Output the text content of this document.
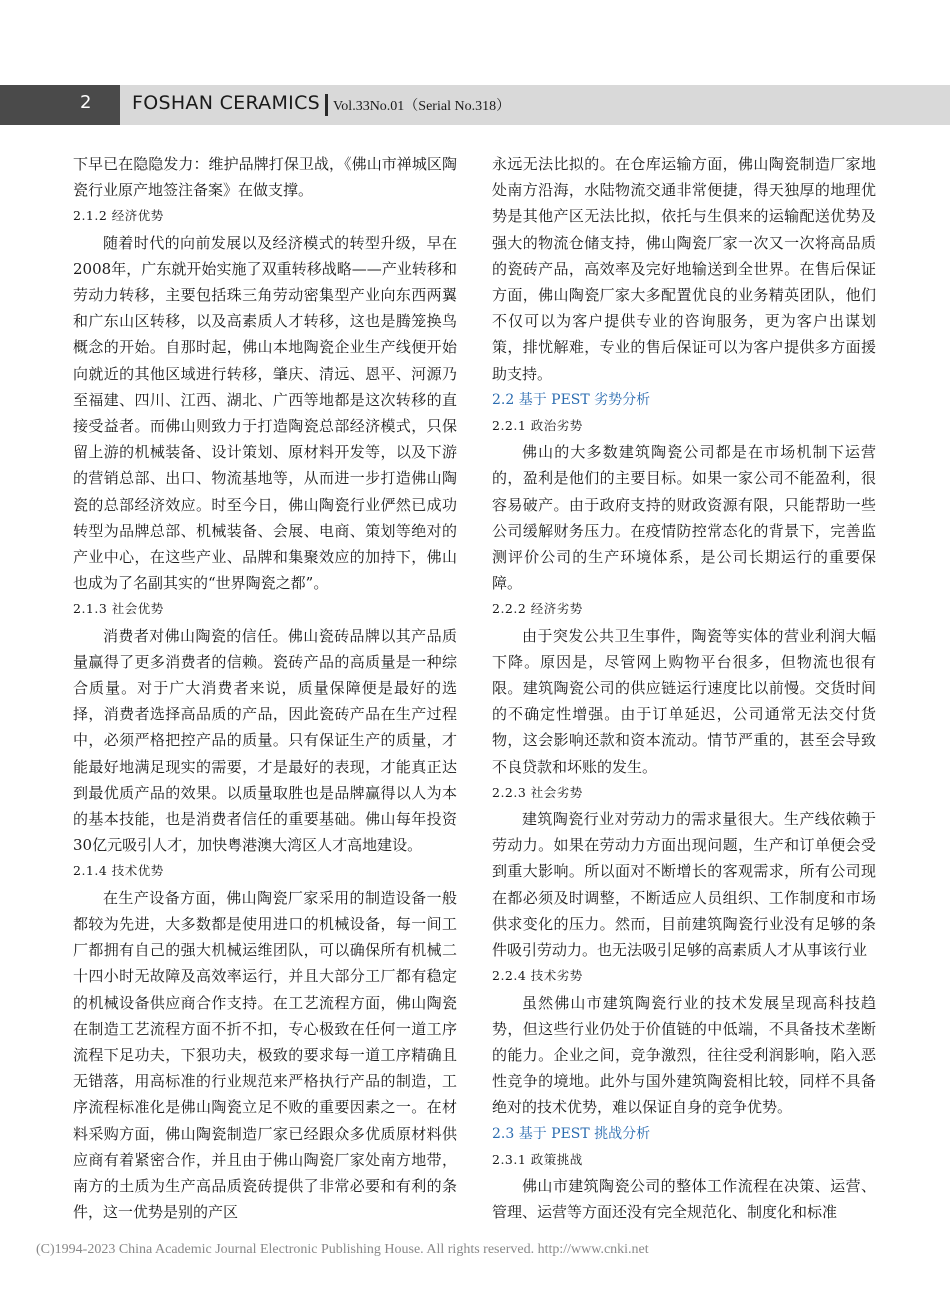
2 FOSHAN CERAMICS Vol.33No.01（Serial No.318）

下早已在隐隐发力：维护品牌打保卫战，《佛山市禅城区陶瓷行业原产地签注备案》在做支撑。

2.1.2 经济优势

随着时代的向前发展以及经济模式的转型升级，早在2008年，广东就开始实施了双重转移战略——产业转移和劳动力转移，主要包括珠三角劳动密集型产业向东西两翼和广东山区转移，以及高素质人才转移，这也是腾笼换鸟概念的开始。自那时起，佛山本地陶瓷企业生产线便开始向就近的其他区域进行转移，肇庆、清远、恩平、河源乃至福建、四川、江西、湖北、广西等地都是这次转移的直接受益者。而佛山则致力于打造陶瓷总部经济模式，只保留上游的机械装备、设计策划、原材料开发等，以及下游的营销总部、出口、物流基地等，从而进一步打造佛山陶瓷的总部经济效应。时至今日，佛山陶瓷行业俨然已成功转型为品牌总部、机械装备、会展、电商、策划等绝对的产业中心，在这些产业、品牌和集聚效应的加持下，佛山也成为了名副其实的“世界陶瓷之都”。

2.1.3 社会优势

消费者对佛山陶瓷的信任。佛山瓷砖品牌以其产品质量赢得了更多消费者的信赖。瓷砖产品的高质量是一种综合质量。对于广大消费者来说，质量保障便是最好的选择，消费者选择高品质的产品，因此瓷砖产品在生产过程中，必须严格把控产品的质量。只有保证生产的质量，才能最好地满足现实的需要，才是最好的表现，才能真正达到最优质产品的效果。以质量取胜也是品牌赢得以人为本的基本技能，也是消费者信任的重要基础。佛山每年投资30亿元吸引人才，加快粤港澳大湾区人才高地建设。

2.1.4 技术优势

在生产设备方面，佛山陶瓷厂家采用的制造设备一般都较为先进，大多数都是使用进口的机械设备，每一间工厂都拥有自己的强大机械运维团队，可以确保所有机械二十四小时无故障及高效率运行，并且大部分工厂都有稳定的机械设备供应商合作支持。在工艺流程方面，佛山陶瓷在制造工艺流程方面不折不扣，专心极致在任何一道工序流程下足功夫，下狠功夫，极致的要求每一道工序精确且无错落，用高标准的行业规范来严格执行产品的制造，工序流程标准化是佛山陶瓷立足不败的重要因素之一。在材料采购方面，佛山陶瓷制造厂家已经跟众多优质原材料供应商有着紧密合作，并且由于佛山陶瓷厂家处南方地带，南方的土质为生产高品质瓷砖提供了非常必要和有利的条件，这一优势是别的产区

永远无法比拟的。在仓库运输方面，佛山陶瓷制造厂家地处南方沿海，水陆物流交通非常便捷，得天独厚的地理优势是其他产区无法比拟，依托与生俱来的运输配送优势及强大的物流仓储支持，佛山陶瓷厂家一次又一次将高品质的瓷砖产品，高效率及完好地输送到全世界。在售后保证方面，佛山陶瓷厂家大多配置优良的业务精英团队，他们不仅可以为客户提供专业的咨询服务，更为客户出谋划策，排忧解难，专业的售后保证可以为客户提供多方面援助支持。

2.2 基于 PEST 劣势分析
2.2.1 政治劣势

佛山的大多数建筑陶瓷公司都是在市场机制下运营的，盈利是他们的主要目标。如果一家公司不能盈利，很容易破产。由于政府支持的财政资源有限，只能帮助一些公司缓解财务压力。在疫情防控常态化的背景下，完善监测评价公司的生产环境体系，是公司长期运行的重要保障。

2.2.2 经济劣势

由于突发公共卫生事件，陶瓷等实体的营业利润大幅下降。原因是，尽管网上购物平台很多，但物流也很有限。建筑陶瓷公司的供应链运行速度比以前慢。交货时间的不确定性增强。由于订单延迟，公司通常无法交付货物，这会影响还款和资本流动。情节严重的，甚至会导致不良贷款和坏账的发生。

2.2.3 社会劣势

建筑陶瓷行业对劳动力的需求量很大。生产线依赖于劳动力。如果在劳动力方面出现问题，生产和订单便会受到重大影响。所以面对不断增长的客观需求，所有公司现在都必须及时调整，不断适应人员组织、工作制度和市场供求变化的压力。然而，目前建筑陶瓷行业没有足够的条件吸引劳动力。也无法吸引足够的高素质人才从事该行业

2.2.4 技术劣势

虽然佛山市建筑陶瓷行业的技术发展呈现高科技趋势，但这些行业仍处于价值链的中低端，不具备技术垄断的能力。企业之间，竞争激烈，往往受利润影响，陷入恶性竞争的境地。此外与国外建筑陶瓷相比较，同样不具备绝对的技术优势，难以保证自身的竞争优势。

2.3 基于 PEST 挑战分析
2.3.1 政策挑战

佛山市建筑陶瓷公司的整体工作流程在决策、运营、管理、运营等方面还没有完全规范化、制度化和标准

(C)1994-2023 China Academic Journal Electronic Publishing House. All rights reserved. http://www.cnki.net
